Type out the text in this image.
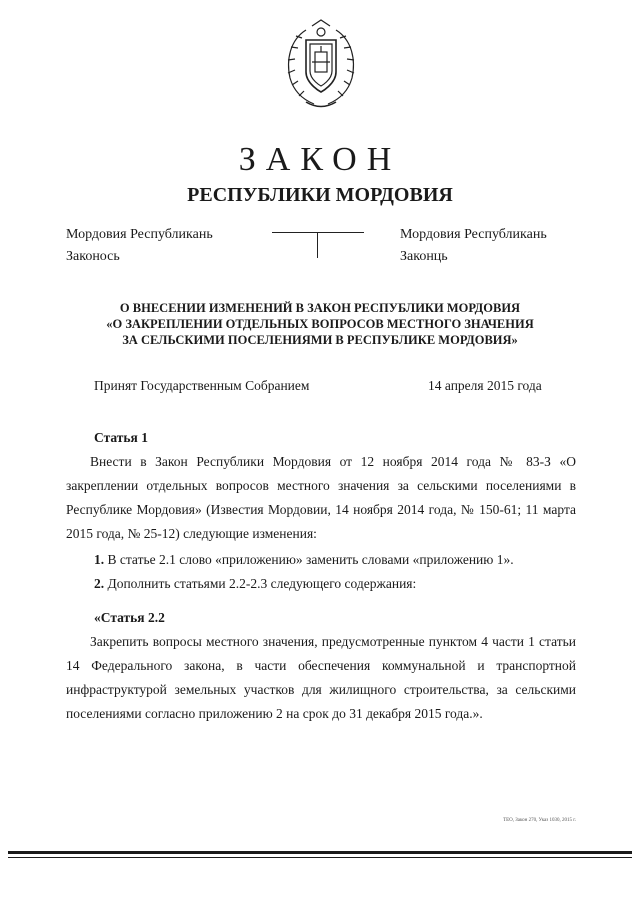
ЗАКОН
РЕСПУБЛИКИ МОРДОВИЯ
Мордовия Республикань
Законось
Мордовия Республикань
Законць
О ВНЕСЕНИИ ИЗМЕНЕНИЙ В ЗАКОН РЕСПУБЛИКИ МОРДОВИЯ
«О ЗАКРЕПЛЕНИИ ОТДЕЛЬНЫХ ВОПРОСОВ МЕСТНОГО ЗНАЧЕНИЯ
ЗА СЕЛЬСКИМИ ПОСЕЛЕНИЯМИ В РЕСПУБЛИКЕ МОРДОВИЯ»
Принят Государственным Собранием	14 апреля 2015 года
Статья 1
Внести в Закон Республики Мордовия от 12 ноября 2014 года № 83-З «О закреплении отдельных вопросов местного значения за сельскими поселениями в Республике Мордовия» (Известия Мордовии, 14 ноября 2014 года, № 150-61; 11 марта 2015 года, № 25-12) следующие изменения:
1. В статье 2.1 слово «приложению» заменить словами «приложению 1».
2. Дополнить статьями 2.2-2.3 следующего содержания:
«Статья 2.2
Закрепить вопросы местного значения, предусмотренные пунктом 4 части 1 статьи 14 Федерального закона, в части обеспечения коммунальной и транспортной инфраструктурой земельных участков для жилищного строительства, за сельскими поселениями согласно приложению 2 на срок до 31 декабря 2015 года.».
ТЕО, Закон 270, Указ 1030, 2015 г.
